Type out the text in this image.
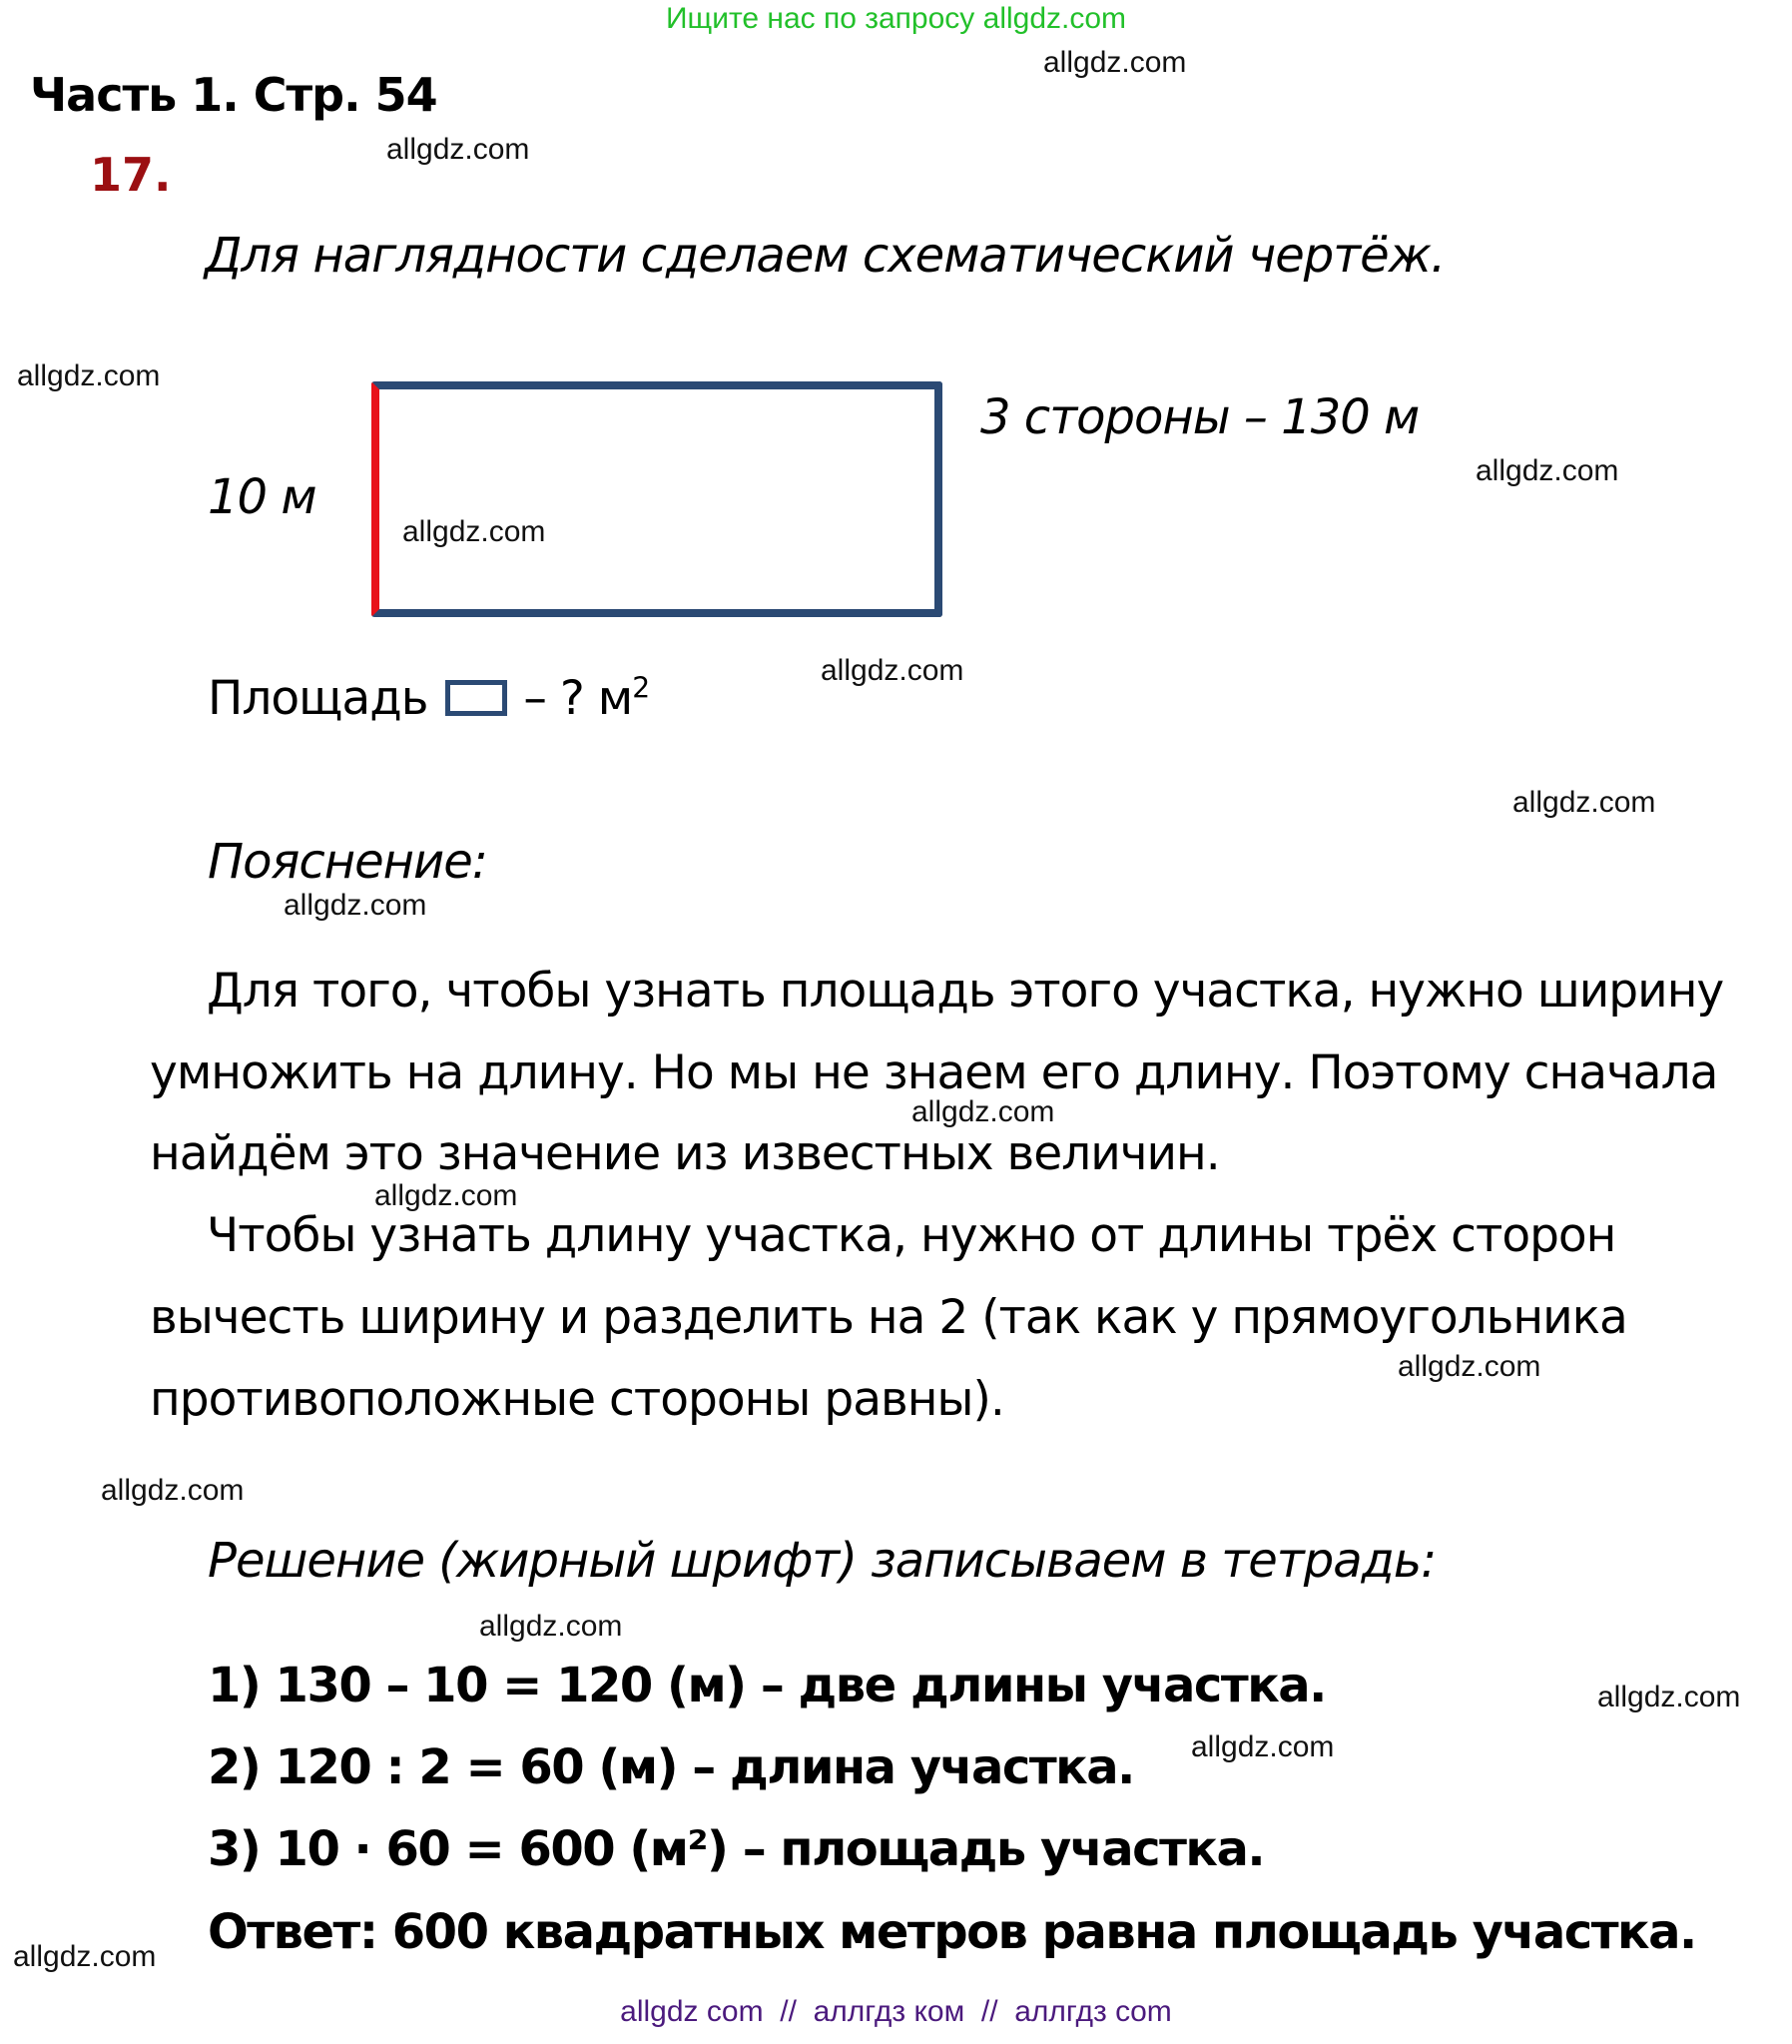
Ищите нас по запросу allgdz.com
allgdz.com
Часть 1. Стр. 54
allgdz.com
17.
Для наглядности сделаем схематический чертёж.
allgdz.com
10 м
allgdz.com
3 стороны – 130 м
allgdz.com
Площадь – ? $м^2$
allgdz.com
allgdz.com
Пояснение:
allgdz.com
Для того, чтобы узнать площадь этого участка, нужно ширину
умножить на длину. Но мы не знаем его длину. Поэтому сначала
allgdz.com
найдём это значение из известных величин.
allgdz.com
Чтобы узнать длину участка, нужно от длины трёх сторон
вычесть ширину и разделить на 2 (так как у прямоугольника
allgdz.com
противоположные стороны равны).
allgdz.com
Решение (жирный шрифт) записываем в тетрадь:
allgdz.com
1) 130 – 10 = 120 (м) – две длины участка.	allgdz.com
allgdz.com
2) 120 : 2 = 60 (м) – длина участка.
3) 10 · 60 = 600 (м²) – площадь участка.
allgdz.com Ответ: 600 квадратных метров равна площадь участка.
allgdz com  //  аллгдз ком  //  аллгдз com
